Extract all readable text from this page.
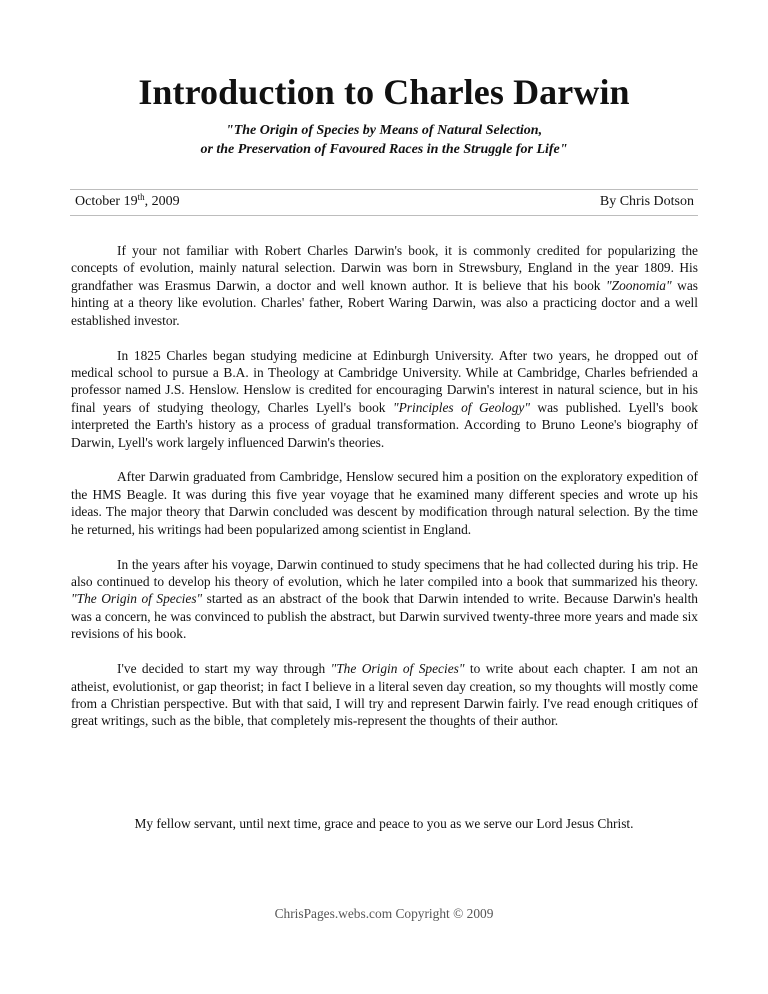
Introduction to Charles Darwin
"The Origin of Species by Means of Natural Selection,
or the Preservation of Favoured Races in the Struggle for Life"
October 19th, 2009	By Chris Dotson

If your not familiar with Robert Charles Darwin's book, it is commonly credited for popularizing the concepts of evolution, mainly natural selection. Darwin was born in Strewsbury, England in the year 1809. His grandfather was Erasmus Darwin, a doctor and well known author. It is believe that his book "Zoonomia" was hinting at a theory like evolution. Charles' father, Robert Waring Darwin, was also a practicing doctor and a well established investor.

In 1825 Charles began studying medicine at Edinburgh University. After two years, he dropped out of medical school to pursue a B.A. in Theology at Cambridge University. While at Cambridge, Charles befriended a professor named J.S. Henslow. Henslow is credited for encouraging Darwin's interest in natural science, but in his final years of studying theology, Charles Lyell's book "Principles of Geology" was published. Lyell's book interpreted the Earth's history as a process of gradual transformation. According to Bruno Leone's biography of Darwin, Lyell's work largely influenced Darwin's theories.

After Darwin graduated from Cambridge, Henslow secured him a position on the exploratory expedition of the HMS Beagle. It was during this five year voyage that he examined many different species and wrote up his ideas. The major theory that Darwin concluded was descent by modification through natural selection. By the time he returned, his writings had been popularized among scientist in England.

In the years after his voyage, Darwin continued to study specimens that he had collected during his trip. He also continued to develop his theory of evolution, which he later compiled into a book that summarized his theory. "The Origin of Species" started as an abstract of the book that Darwin intended to write. Because Darwin's health was a concern, he was convinced to publish the abstract, but Darwin survived twenty-three more years and made six revisions of his book.

I've decided to start my way through "The Origin of Species" to write about each chapter. I am not an atheist, evolutionist, or gap theorist; in fact I believe in a literal seven day creation, so my thoughts will mostly come from a Christian perspective. But with that said, I will try and represent Darwin fairly. I've read enough critiques of great writings, such as the bible, that completely mis-represent the thoughts of their author.

My fellow servant, until next time, grace and peace to you as we serve our Lord Jesus Christ.
ChrisPages.webs.com Copyright © 2009
